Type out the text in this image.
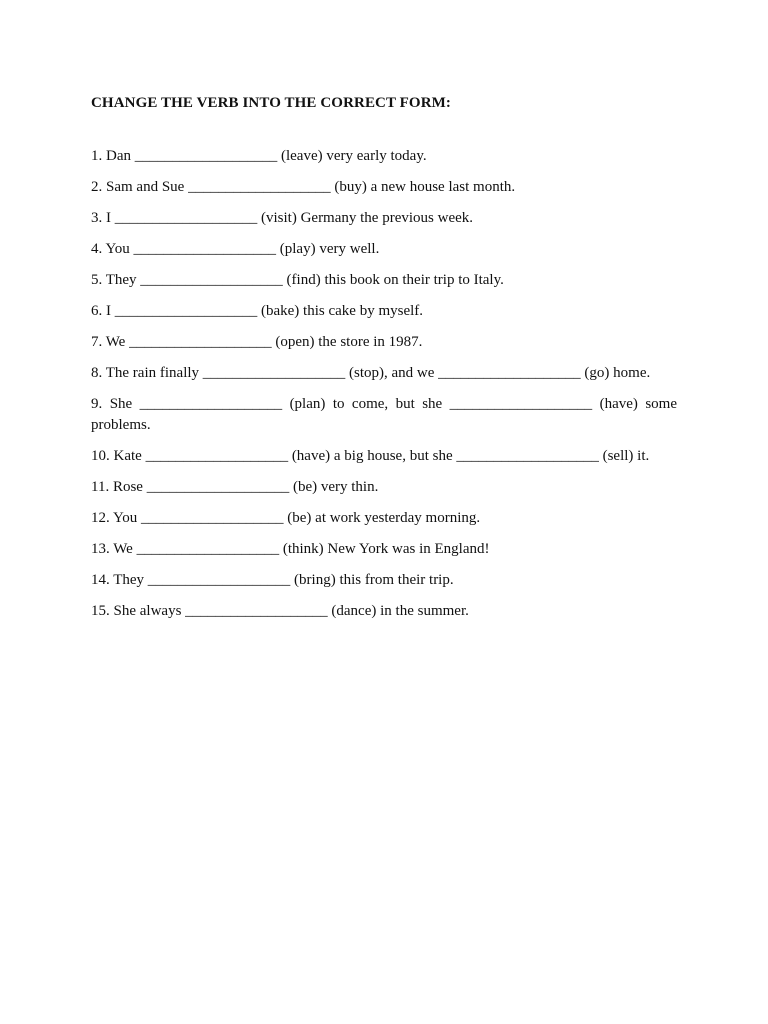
CHANGE THE VERB INTO THE CORRECT FORM:

1. Dan ___________________ (leave) very early today.
2. Sam and Sue ___________________ (buy) a new house last month.
3. I ___________________ (visit) Germany the previous week.
4. You ___________________ (play) very well.
5. They ___________________ (find) this book on their trip to Italy.
6. I ___________________ (bake) this cake by myself.
7. We ___________________ (open) the store in 1987.
8. The rain finally ___________________ (stop), and we ___________________ (go) home.
9. She ___________________ (plan) to come, but she ___________________ (have) some problems.
10. Kate ___________________ (have) a big house, but she ___________________ (sell) it.
11. Rose ___________________ (be) very thin.
12. You ___________________ (be) at work yesterday morning.
13. We ___________________ (think) New York was in England!
14. They ___________________ (bring) this from their trip.
15. She always ___________________ (dance) in the summer.
